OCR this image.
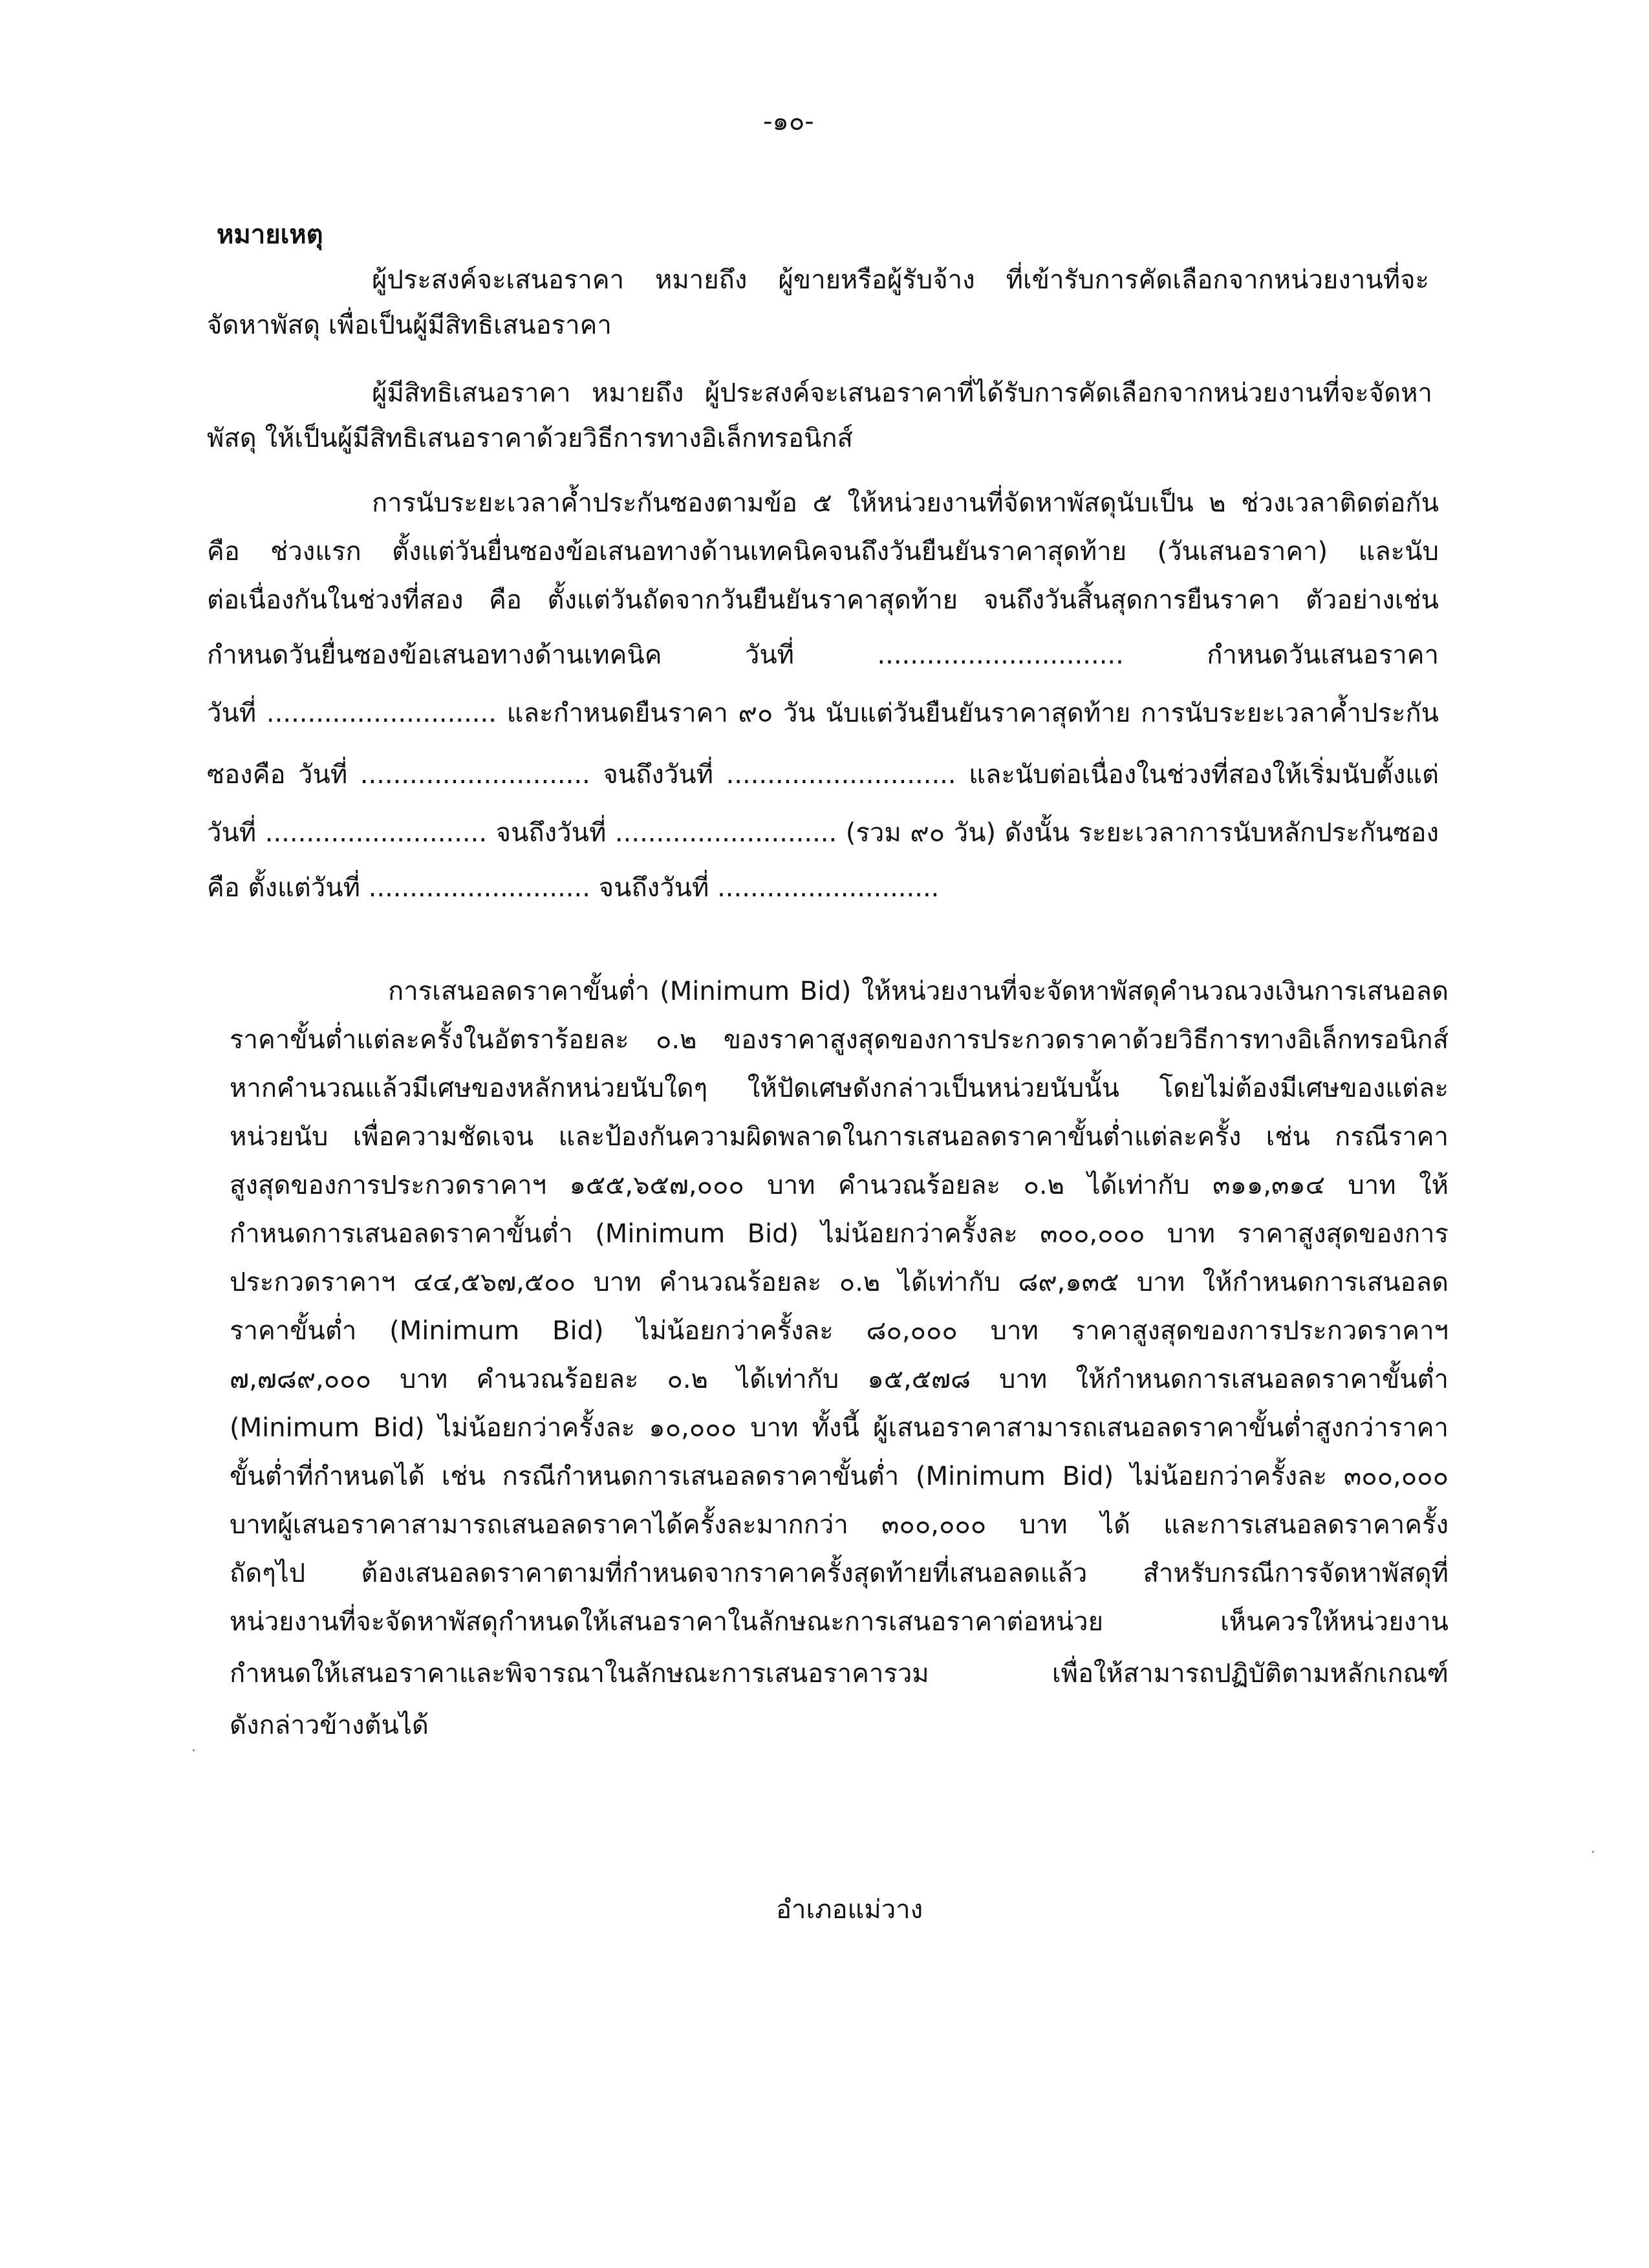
-๑๐-
หมายเหตุ

ผู้ประสงค์จะเสนอราคา หมายถึง ผู้ขายหรือผู้รับจ้าง ที่เข้ารับการคัดเลือกจากหน่วยงานที่จะ

จัดหาพัสดุ เพื่อเป็นผู้มีสิทธิเสนอราคา

ผู้มีสิทธิเสนอราคา หมายถึง ผู้ประสงค์จะเสนอราคาที่ได้รับการคัดเลือกจากหน่วยงานที่จะจัดหา

พัสดุ ให้เป็นผู้มีสิทธิเสนอราคาด้วยวิธีการทางอิเล็กทรอนิกส์

การนับระยะเวลาค้ำประกันซองตามข้อ ๕ ให้หน่วยงานที่จัดหาพัสดุนับเป็น ๒ ช่วงเวลาติดต่อกัน

คือ ช่วงแรก ตั้งแต่วันยื่นซองข้อเสนอทางด้านเทคนิคจนถึงวันยืนยันราคาสุดท้าย (วันเสนอราคา) และนับ

ต่อเนื่องกันในช่วงที่สอง คือ ตั้งแต่วันถัดจากวันยืนยันราคาสุดท้าย จนถึงวันสิ้นสุดการยืนราคา ตัวอย่างเช่น

กำหนดวันยื่นซองข้อเสนอทางด้านเทคนิค วันที่ .............................. กำหนดวันเสนอราคา

วันที่ ............................ และกำหนดยืนราคา ๙๐ วัน นับแต่วันยืนยันราคาสุดท้าย การนับระยะเวลาค้ำประกัน

ซองคือ วันที่ ............................ จนถึงวันที่ ............................ และนับต่อเนื่องในช่วงที่สองให้เริ่มนับตั้งแต่

วันที่ ........................... จนถึงวันที่ ........................... (รวม ๙๐ วัน) ดังนั้น ระยะเวลาการนับหลักประกันซอง

คือ ตั้งแต่วันที่ ........................... จนถึงวันที่ ...........................

การเสนอลดราคาขั้นต่ำ (Minimum Bid) ให้หน่วยงานที่จะจัดหาพัสดุคำนวณวงเงินการเสนอลด

ราคาขั้นต่ำแต่ละครั้งในอัตราร้อยละ ๐.๒ ของราคาสูงสุดของการประกวดราคาด้วยวิธีการทางอิเล็กทรอนิกส์

หากคำนวณแล้วมีเศษของหลักหน่วยนับใดๆ ให้ปัดเศษดังกล่าวเป็นหน่วยนับนั้น โดยไม่ต้องมีเศษของแต่ละ

หน่วยนับ เพื่อความชัดเจน และป้องกันความผิดพลาดในการเสนอลดราคาขั้นต่ำแต่ละครั้ง เช่น กรณีราคา

สูงสุดของการประกวดราคาฯ ๑๕๕,๖๕๗,๐๐๐ บาท คำนวณร้อยละ ๐.๒ ได้เท่ากับ ๓๑๑,๓๑๔ บาท ให้

กำหนดการเสนอลดราคาขั้นต่ำ (Minimum Bid) ไม่น้อยกว่าครั้งละ ๓๐๐,๐๐๐ บาท ราคาสูงสุดของการ

ประกวดราคาฯ ๔๔,๕๖๗,๕๐๐ บาท คำนวณร้อยละ ๐.๒ ได้เท่ากับ ๘๙,๑๓๕ บาท ให้กำหนดการเสนอลด

ราคาขั้นต่ำ (Minimum Bid) ไม่น้อยกว่าครั้งละ ๘๐,๐๐๐ บาท ราคาสูงสุดของการประกวดราคาฯ

๗,๗๘๙,๐๐๐ บาท คำนวณร้อยละ ๐.๒ ได้เท่ากับ ๑๕,๕๗๘ บาท ให้กำหนดการเสนอลดราคาขั้นต่ำ

(Minimum Bid) ไม่น้อยกว่าครั้งละ ๑๐,๐๐๐ บาท ทั้งนี้ ผู้เสนอราคาสามารถเสนอลดราคาขั้นต่ำสูงกว่าราคา

ขั้นต่ำที่กำหนดได้ เช่น กรณีกำหนดการเสนอลดราคาขั้นต่ำ (Minimum Bid) ไม่น้อยกว่าครั้งละ ๓๐๐,๐๐๐

บาทผู้เสนอราคาสามารถเสนอลดราคาได้ครั้งละมากกว่า ๓๐๐,๐๐๐ บาท ได้ และการเสนอลดราคาครั้ง

ถัดๆไป ต้องเสนอลดราคาตามที่กำหนดจากราคาครั้งสุดท้ายที่เสนอลดแล้ว สำหรับกรณีการจัดหาพัสดุที่

หน่วยงานที่จะจัดหาพัสดุกำหนดให้เสนอราคาในลักษณะการเสนอราคาต่อหน่วย เห็นควรให้หน่วยงาน

กำหนดให้เสนอราคาและพิจารณาในลักษณะการเสนอราคารวม เพื่อให้สามารถปฏิบัติตามหลักเกณฑ์

ดังกล่าวข้างต้นได้

อำเภอแม่วาง
